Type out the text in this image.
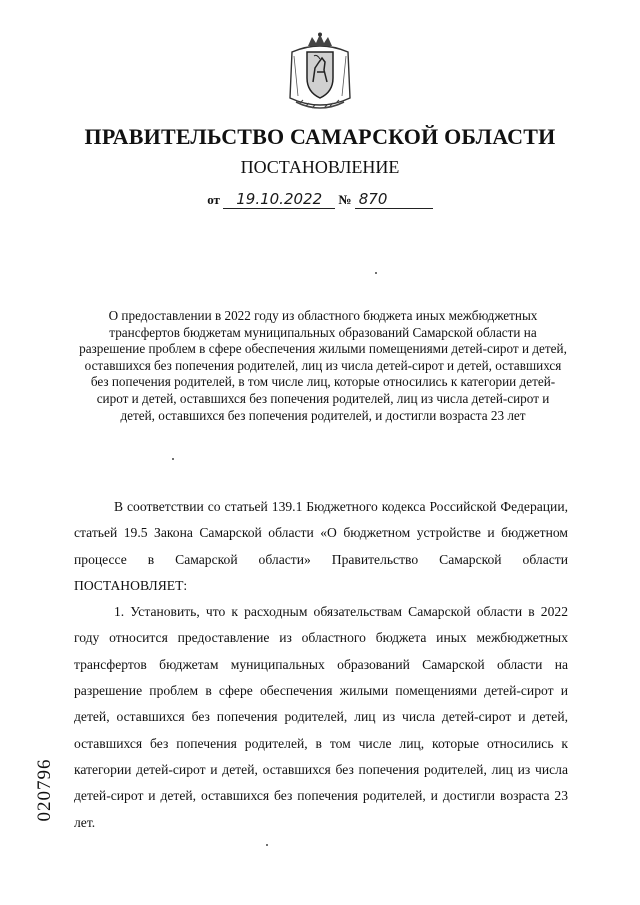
ПРАВИТЕЛЬСТВО САМАРСКОЙ ОБЛАСТИ
ПОСТАНОВЛЕНИЕ
от 19.10.2022 № 870
О предоставлении в 2022 году из областного бюджета иных межбюджетных трансфертов бюджетам муниципальных образований Самарской области на разрешение проблем в сфере обеспечения жилыми помещениями детей-сирот и детей, оставшихся без попечения родителей, лиц из числа детей-сирот и детей, оставшихся без попечения родителей, в том числе лиц, которые относились к категории детей-сирот и детей, оставшихся без попечения родителей, лиц из числа детей-сирот и детей, оставшихся без попечения родителей, и достигли возраста 23 лет

В соответствии со статьей 139.1 Бюджетного кодекса Российской Федерации, статьей 19.5 Закона Самарской области «О бюджетном устройстве и бюджетном процессе в Самарской области» Правительство Самарской области ПОСТАНОВЛЯЕТ:

1. Установить, что к расходным обязательствам Самарской области в 2022 году относится предоставление из областного бюджета иных межбюджетных трансфертов бюджетам муниципальных образований Самарской области на разрешение проблем в сфере обеспечения жилыми помещениями детей-сирот и детей, оставшихся без попечения родителей, лиц из числа детей-сирот и детей, оставшихся без попечения родителей, в том числе лиц, которые относились к категории детей-сирот и детей, оставшихся без попечения родителей, лиц из числа детей-сирот и детей, оставшихся без попечения родителей, и достигли возраста 23 лет.

020796
